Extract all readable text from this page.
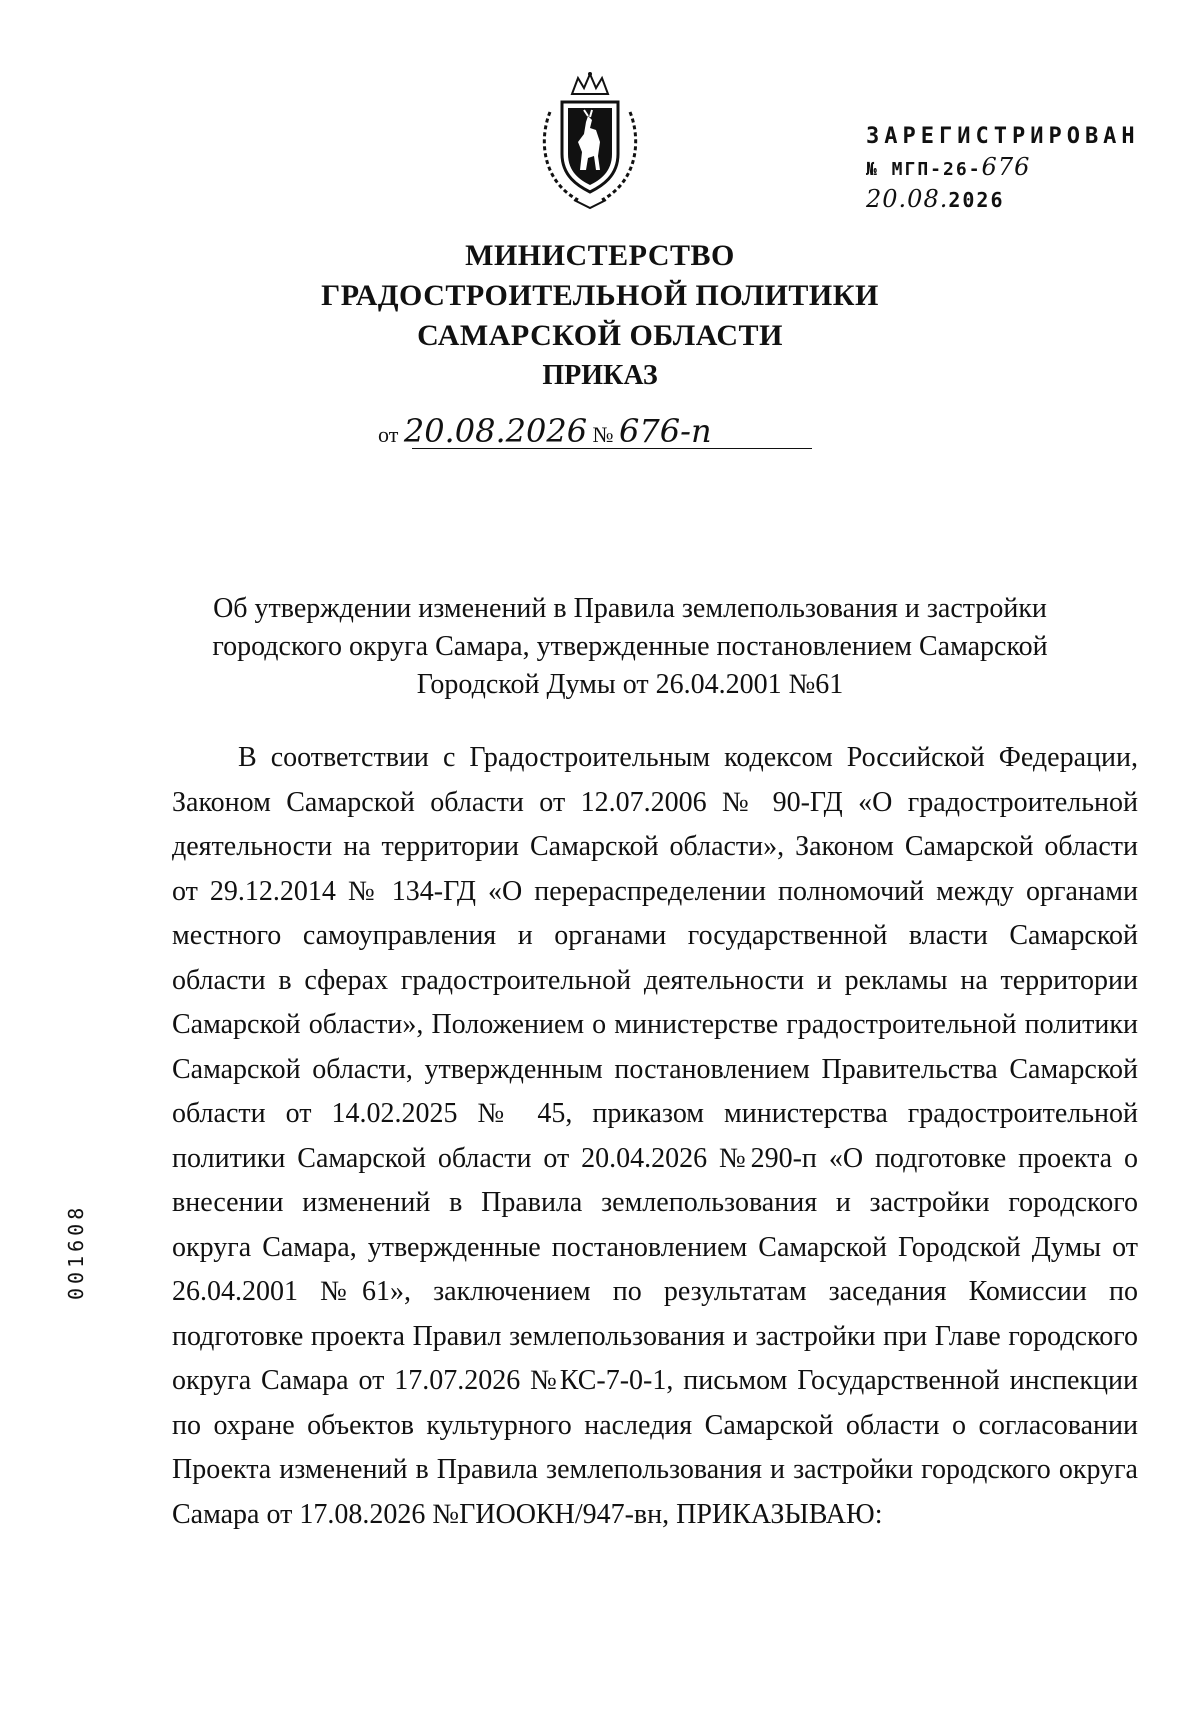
ЗАРЕГИСТРИРОВАН
№ МГП-26-676
20.08.2026
МИНИСТЕРСТВО
ГРАДОСТРОИТЕЛЬНОЙ ПОЛИТИКИ
САМАРСКОЙ ОБЛАСТИ
ПРИКАЗ
от 20.08.2026 № 676-п
Об утверждении изменений в Правила землепользования и застройки городского округа Самара, утвержденные постановлением Самарской Городской Думы от 26.04.2001 №61

В соответствии с Градостроительным кодексом Российской Федерации, Законом Самарской области от 12.07.2006 № 90-ГД «О градостроительной деятельности на территории Самарской области», Законом Самарской области от 29.12.2014 № 134-ГД «О перераспределении полномочий между органами местного самоуправления и органами государственной власти Самарской области в сферах градостроительной деятельности и рекламы на территории Самарской области», Положением о министерстве градостроительной политики Самарской области, утвержденным постановлением Правительства Самарской области от 14.02.2025 № 45, приказом министерства градостроительной политики Самарской области от 20.04.2026 №290-п «О подготовке проекта о внесении изменений в Правила землепользования и застройки городского округа Самара, утвержденные постановлением Самарской Городской Думы от 26.04.2001 №61», заключением по результатам заседания Комиссии по подготовке проекта Правил землепользования и застройки при Главе городского округа Самара от 17.07.2026 №КС-7-0-1, письмом Государственной инспекции по охране объектов культурного наследия Самарской области о согласовании Проекта изменений в Правила землепользования и застройки городского округа Самара от 17.08.2026 №ГИООКН/947-вн, ПРИКАЗЫВАЮ:

001608
